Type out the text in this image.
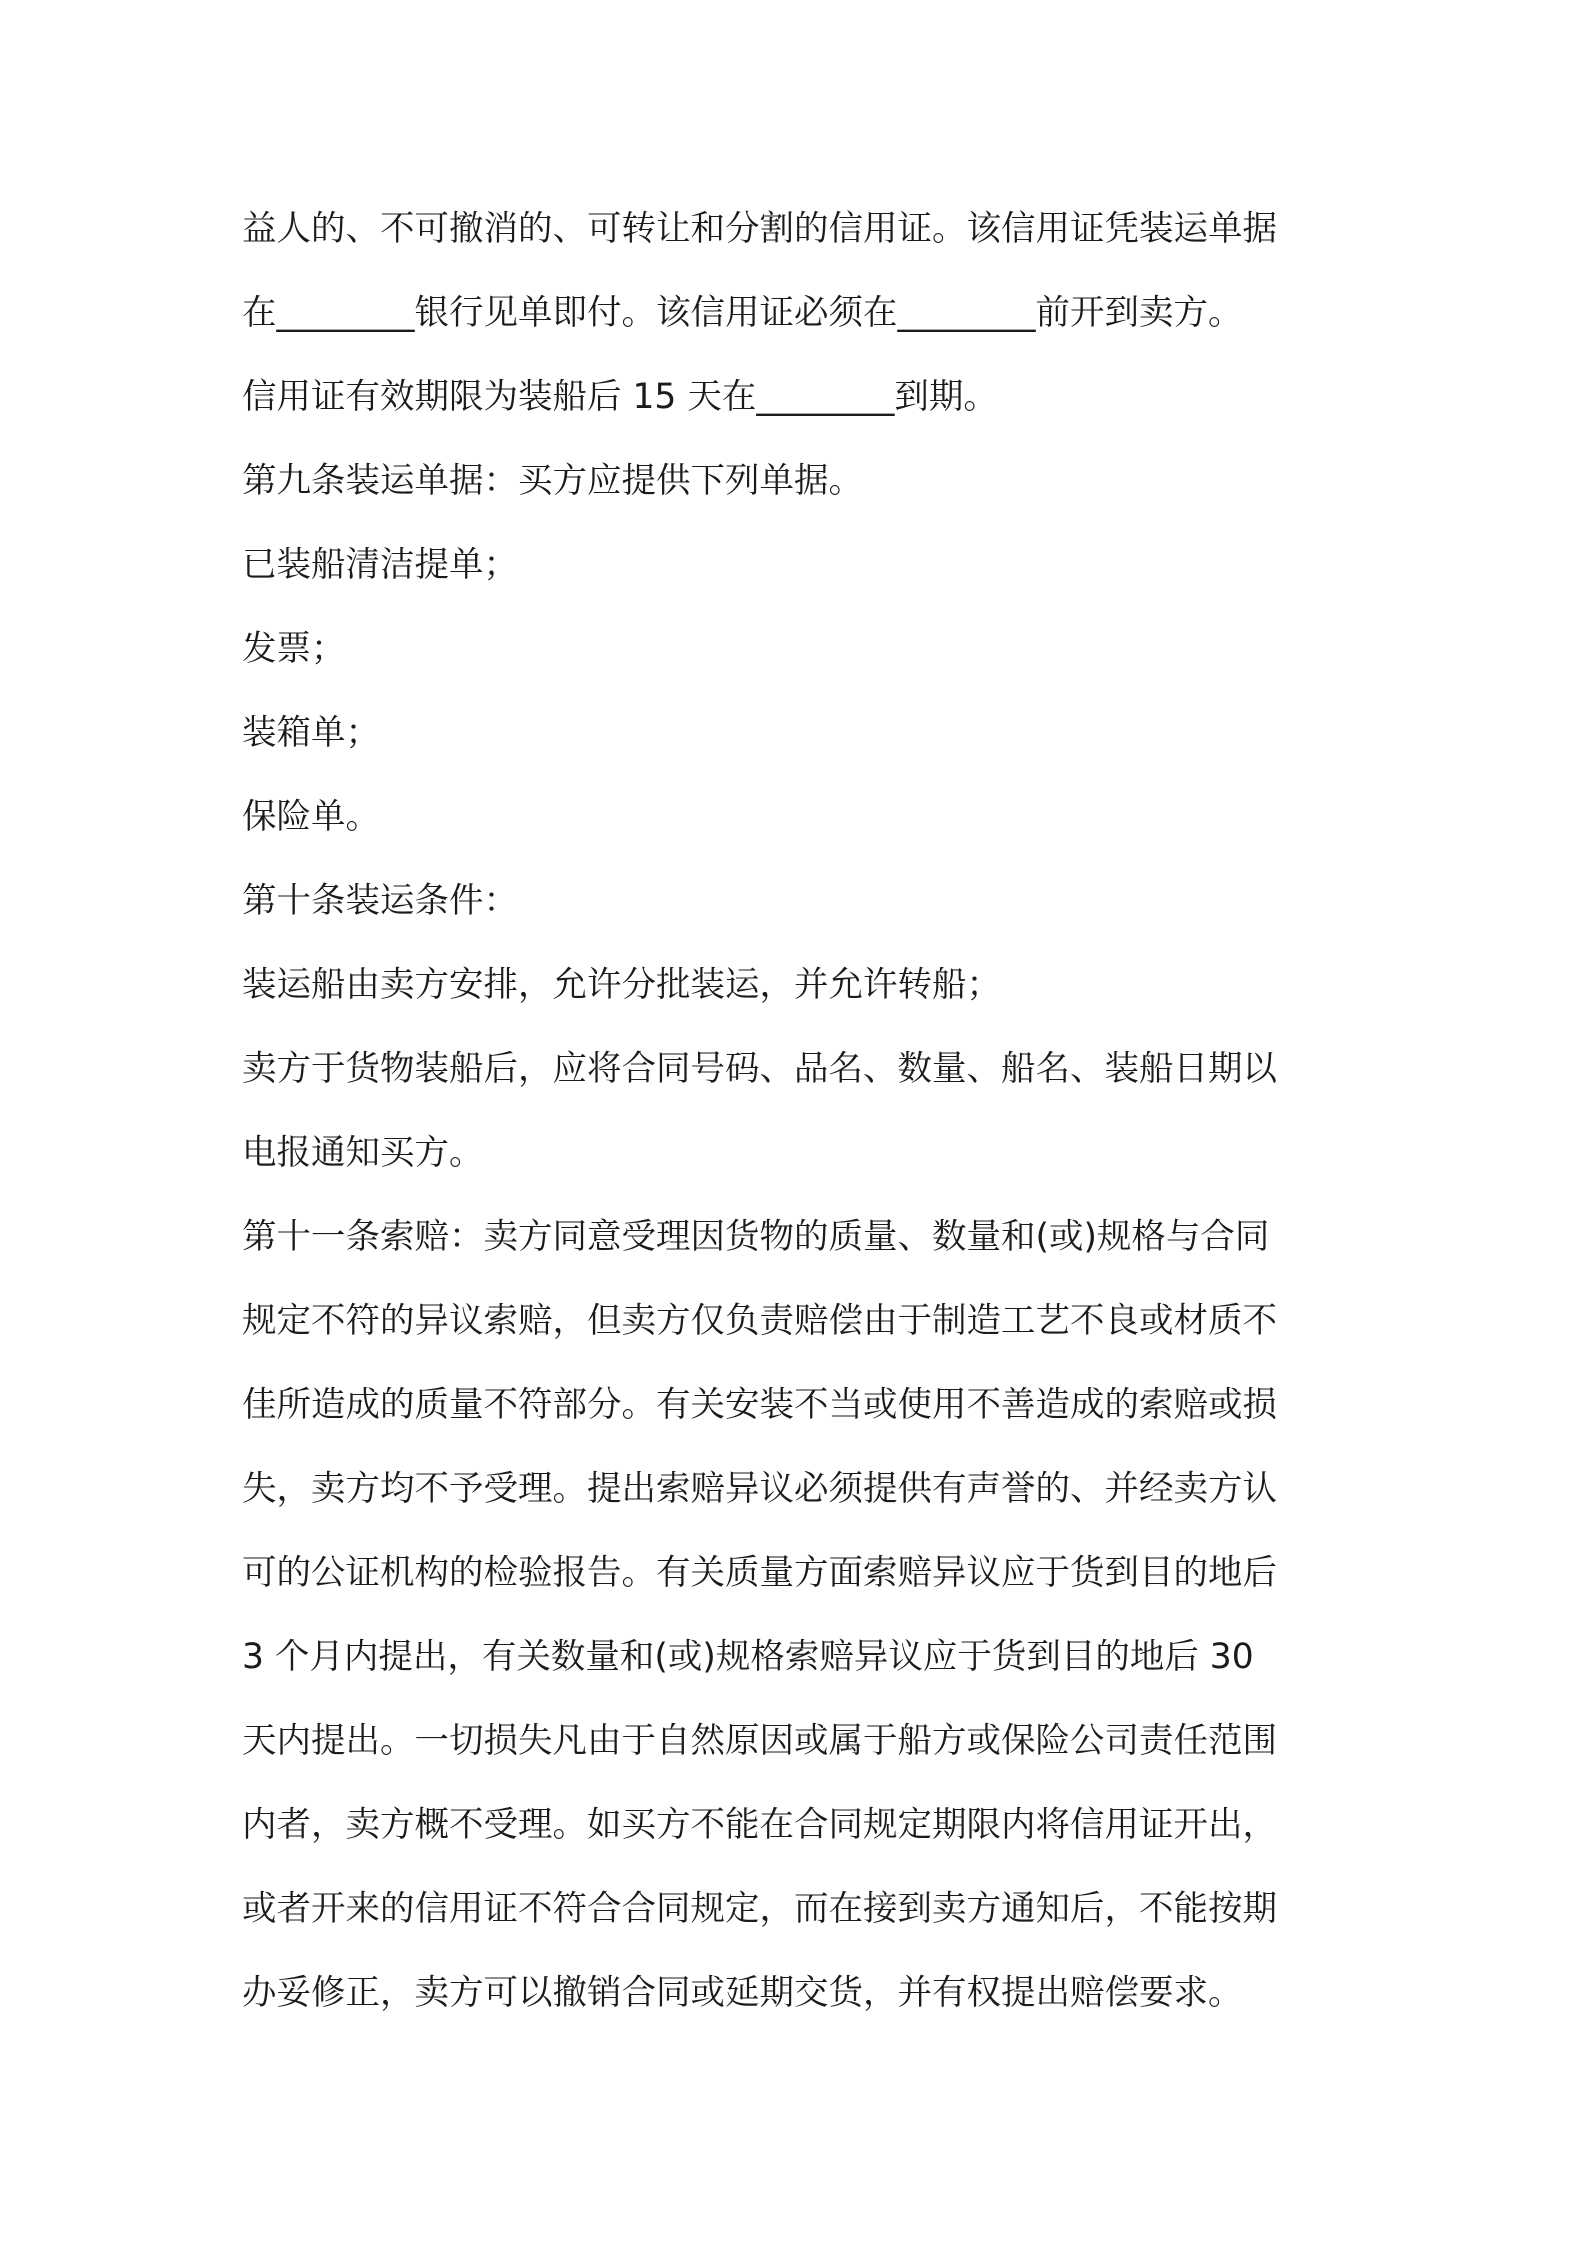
益人的、不可撤消的、可转让和分割的信用证。该信用证凭装运单据
在________银行见单即付。该信用证必须在________前开到卖方。
信用证有效期限为装船后 15 天在________到期。
第九条装运单据：买方应提供下列单据。
已装船清洁提单；
发票；
装箱单；
保险单。
第十条装运条件：
装运船由卖方安排，允许分批装运，并允许转船；
卖方于货物装船后，应将合同号码、品名、数量、船名、装船日期以
电报通知买方。
第十一条索赔：卖方同意受理因货物的质量、数量和(或)规格与合同
规定不符的异议索赔，但卖方仅负责赔偿由于制造工艺不良或材质不
佳所造成的质量不符部分。有关安装不当或使用不善造成的索赔或损
失，卖方均不予受理。提出索赔异议必须提供有声誉的、并经卖方认
可的公证机构的检验报告。有关质量方面索赔异议应于货到目的地后
3 个月内提出，有关数量和(或)规格索赔异议应于货到目的地后 30
天内提出。一切损失凡由于自然原因或属于船方或保险公司责任范围
内者，卖方概不受理。如买方不能在合同规定期限内将信用证开出，
或者开来的信用证不符合合同规定，而在接到卖方通知后，不能按期
办妥修正，卖方可以撤销合同或延期交货，并有权提出赔偿要求。
